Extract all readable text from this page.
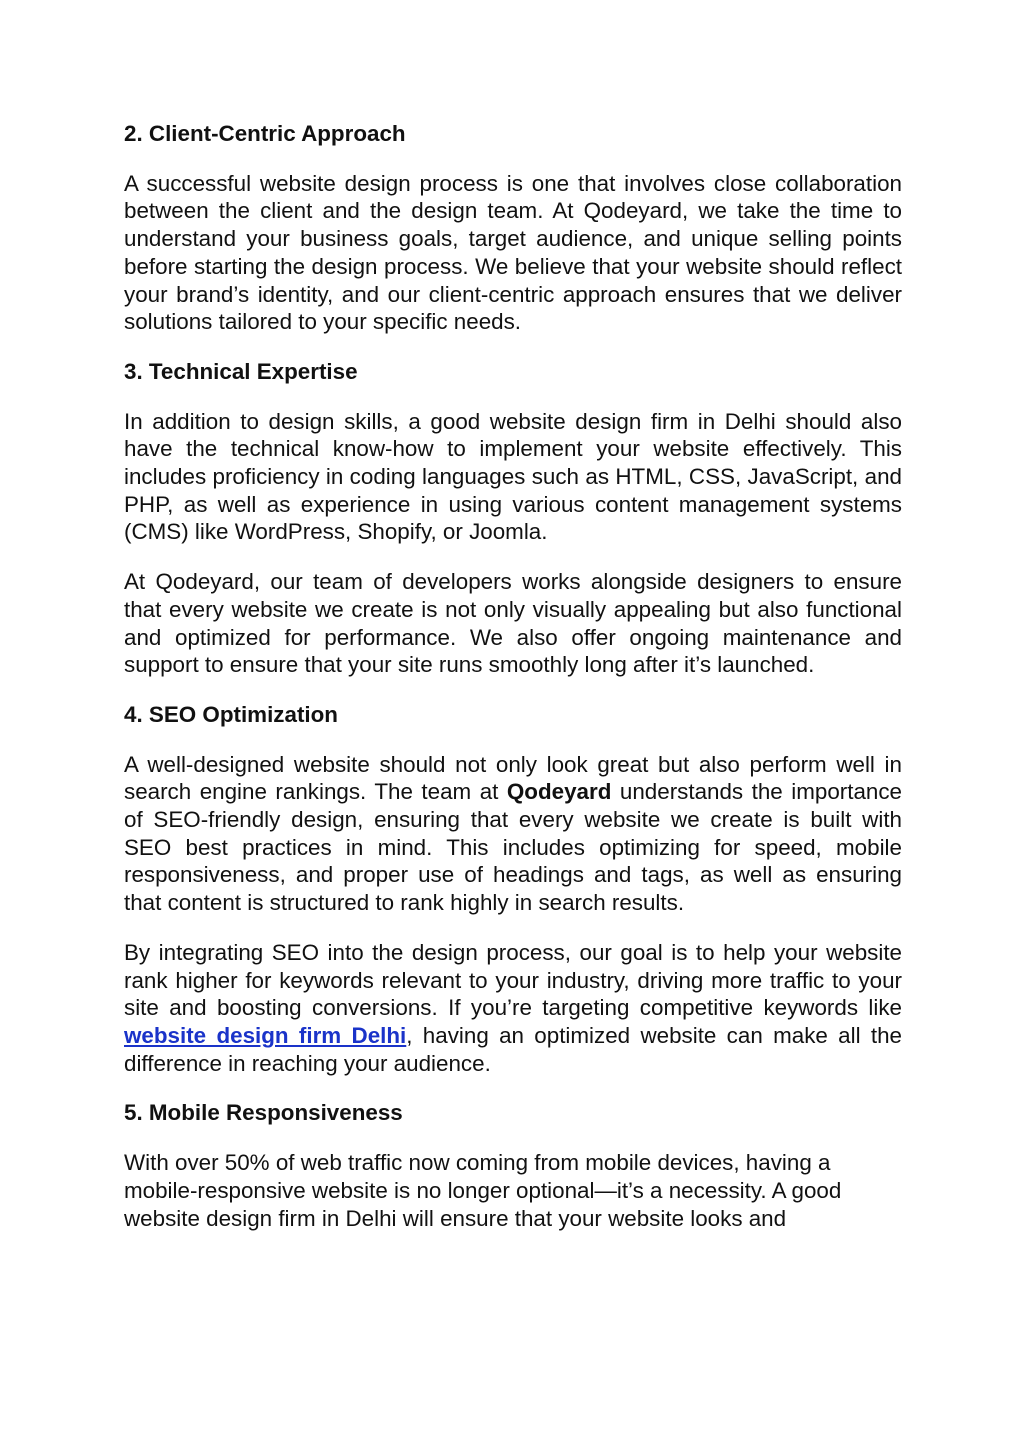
2. Client-Centric Approach

A successful website design process is one that involves close collaboration between the client and the design team. At Qodeyard, we take the time to understand your business goals, target audience, and unique selling points before starting the design process. We believe that your website should reflect your brand’s identity, and our client-centric approach ensures that we deliver solutions tailored to your specific needs.

3. Technical Expertise

In addition to design skills, a good website design firm in Delhi should also have the technical know-how to implement your website effectively. This includes proficiency in coding languages such as HTML, CSS, JavaScript, and PHP, as well as experience in using various content management systems (CMS) like WordPress, Shopify, or Joomla.

At Qodeyard, our team of developers works alongside designers to ensure that every website we create is not only visually appealing but also functional and optimized for performance. We also offer ongoing maintenance and support to ensure that your site runs smoothly long after it’s launched.

4. SEO Optimization

A well-designed website should not only look great but also perform well in search engine rankings. The team at Qodeyard understands the importance of SEO-friendly design, ensuring that every website we create is built with SEO best practices in mind. This includes optimizing for speed, mobile responsiveness, and proper use of headings and tags, as well as ensuring that content is structured to rank highly in search results.

By integrating SEO into the design process, our goal is to help your website rank higher for keywords relevant to your industry, driving more traffic to your site and boosting conversions. If you’re targeting competitive keywords like website design firm Delhi, having an optimized website can make all the difference in reaching your audience.

5. Mobile Responsiveness

With over 50% of web traffic now coming from mobile devices, having a mobile-responsive website is no longer optional—it’s a necessity. A good website design firm in Delhi will ensure that your website looks and
